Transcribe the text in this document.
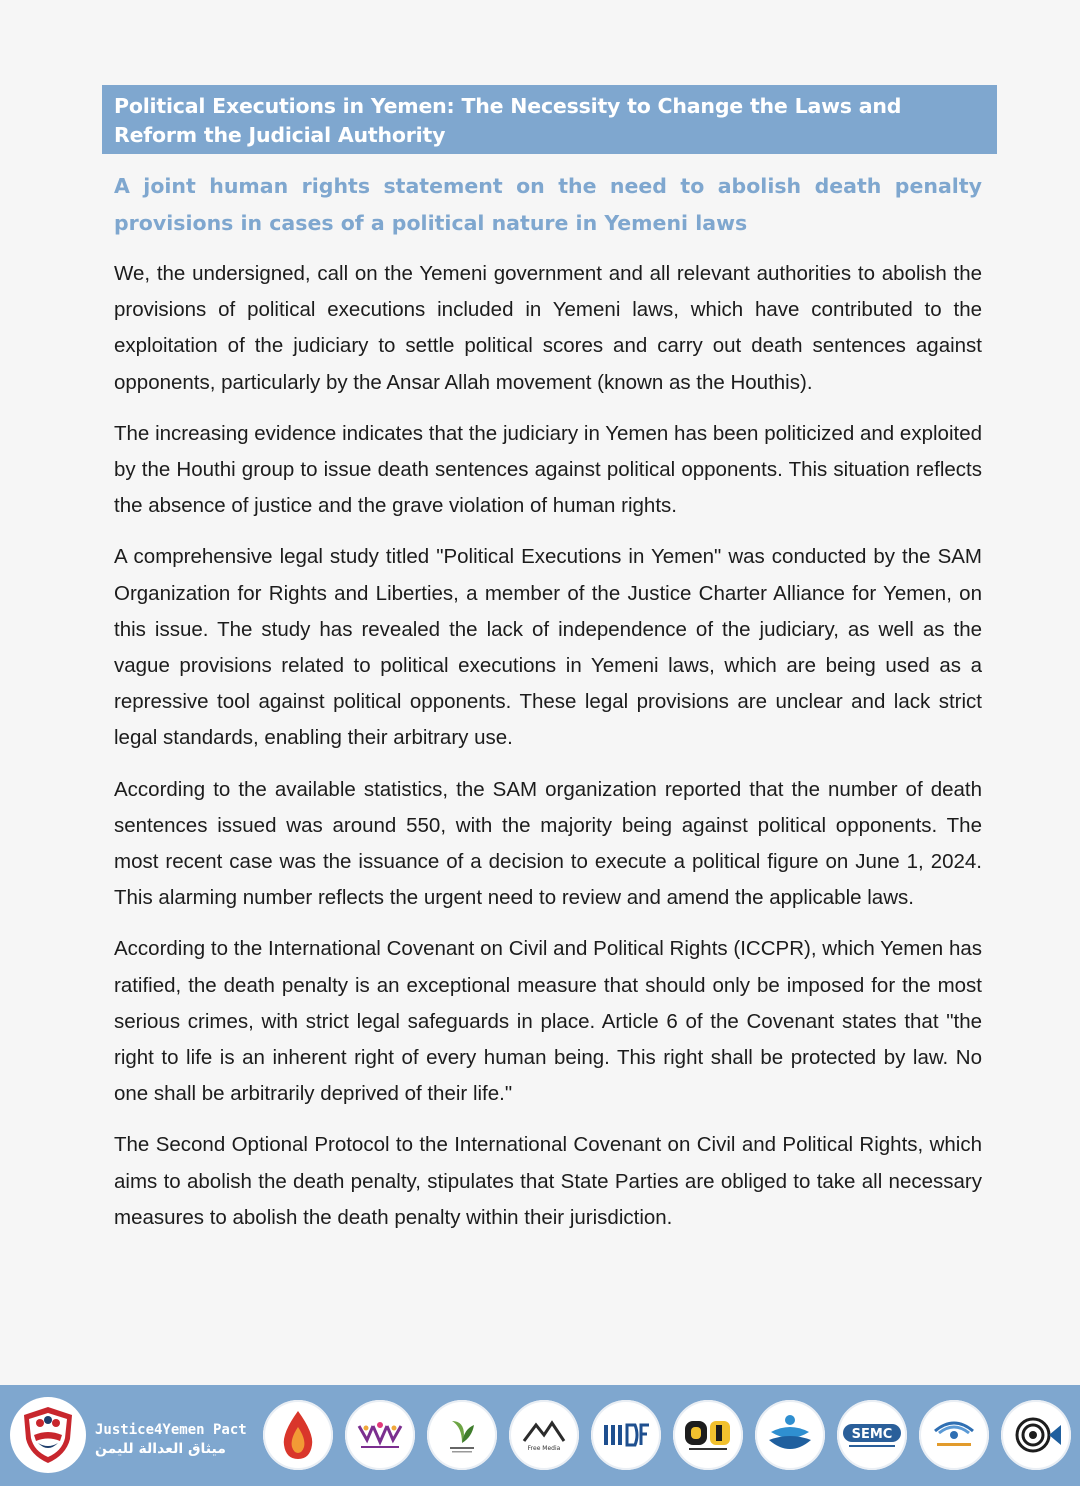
Political Executions in Yemen: The Necessity to Change the Laws and Reform the Judicial Authority
A joint human rights statement on the need to abolish death penalty provisions in cases of a political nature in Yemeni laws

We, the undersigned, call on the Yemeni government and all relevant authorities to abolish the provisions of political executions included in Yemeni laws, which have contributed to the exploitation of the judiciary to settle political scores and carry out death sentences against opponents, particularly by the Ansar Allah movement (known as the Houthis).

The increasing evidence indicates that the judiciary in Yemen has been politicized and exploited by the Houthi group to issue death sentences against political opponents. This situation reflects the absence of justice and the grave violation of human rights.

A comprehensive legal study titled "Political Executions in Yemen" was conducted by the SAM Organization for Rights and Liberties, a member of the Justice Charter Alliance for Yemen, on this issue. The study has revealed the lack of independence of the judiciary, as well as the vague provisions related to political executions in Yemeni laws, which are being used as a repressive tool against political opponents. These legal provisions are unclear and lack strict legal standards, enabling their arbitrary use.

According to the available statistics, the SAM organization reported that the number of death sentences issued was around 550, with the majority being against political opponents. The most recent case was the issuance of a decision to execute a political figure on June 1, 2024. This alarming number reflects the urgent need to review and amend the applicable laws.

According to the International Covenant on Civil and Political Rights (ICCPR), which Yemen has ratified, the death penalty is an exceptional measure that should only be imposed for the most serious crimes, with strict legal safeguards in place. Article 6 of the Covenant states that "the right to life is an inherent right of every human being. This right shall be protected by law. No one shall be arbitrarily deprived of their life."

The Second Optional Protocol to the International Covenant on Civil and Political Rights, which aims to abolish the death penalty, stipulates that State Parties are obliged to take all necessary measures to abolish the death penalty within their jurisdiction.

Justice4Yemen Pact
ميثاق العدالة لليمن	Free Media
SEMC
